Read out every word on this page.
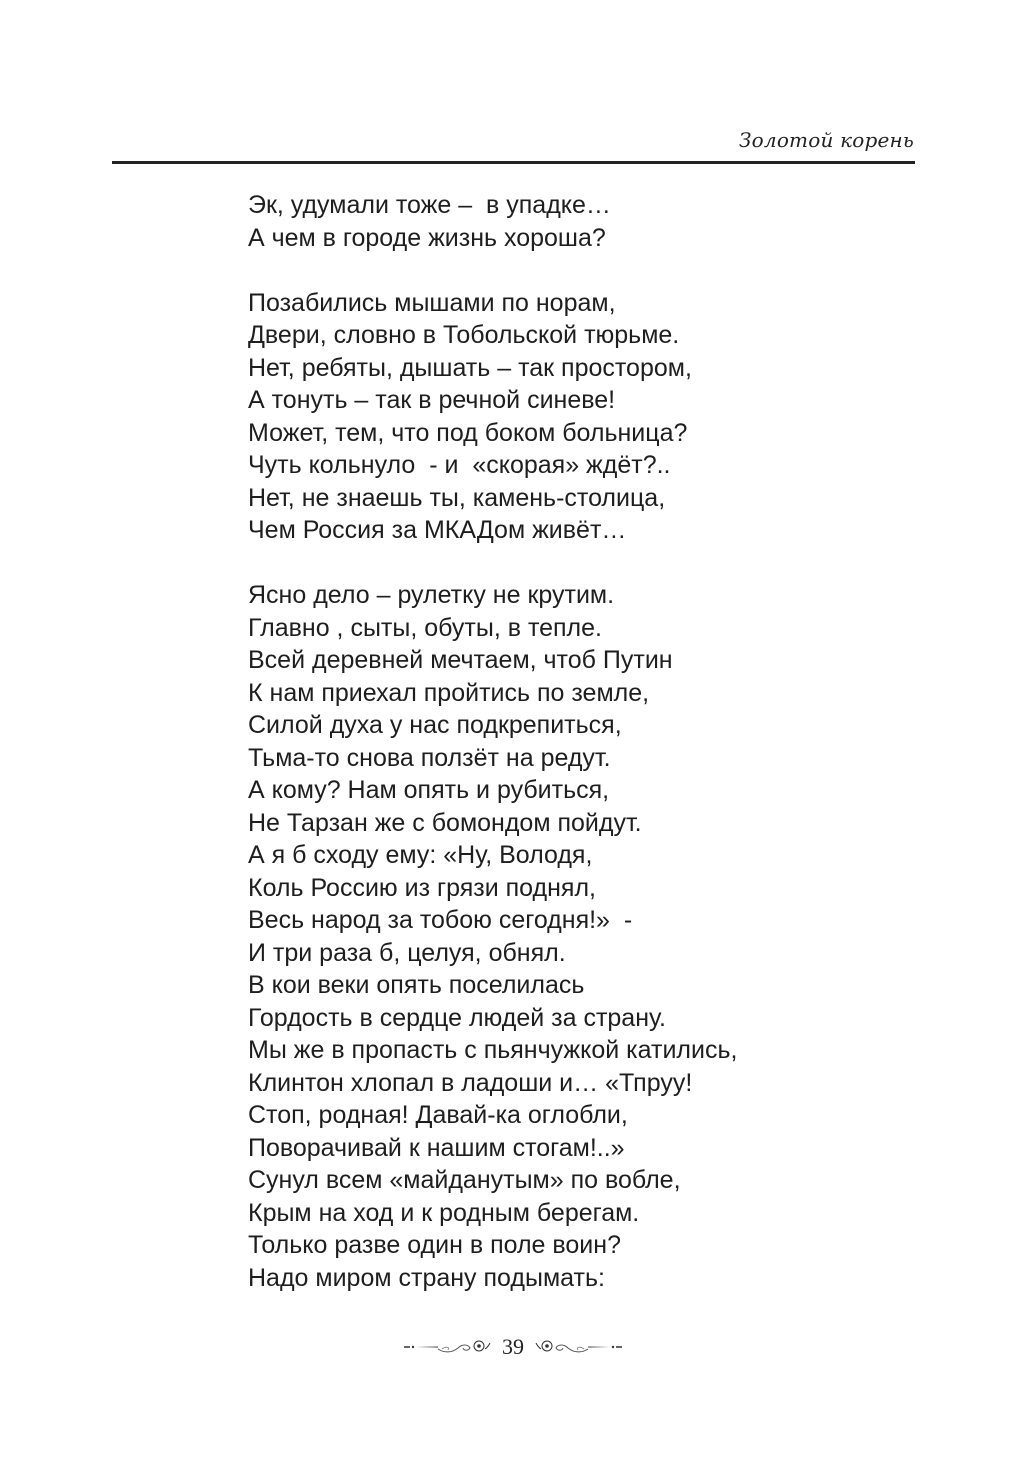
Золотой корень
Эк, удумали тоже –  в упадке…
А чем в городе жизнь хороша?
Позабились мышами по норам,
Двери, словно в Тобольской тюрьме.
Нет, ребяты, дышать – так простором,
А тонуть – так в речной синеве!
Может, тем, что под боком больница?
Чуть кольнуло  - и  «скорая» ждёт?..
Нет, не знаешь ты, камень-столица,
Чем Россия за МКАДом живёт…
Ясно дело – рулетку не крутим.
Главно , сыты, обуты, в тепле.
Всей деревней мечтаем, чтоб Путин
К нам приехал пройтись по земле,
Силой духа у нас подкрепиться,
Тьма-то снова ползёт на редут.
А кому? Нам опять и рубиться,
Не Тарзан же с бомондом пойдут.
А я б сходу ему: «Ну, Володя,
Коль Россию из грязи поднял,
Весь народ за тобою сегодня!»  -
И три раза б, целуя, обнял.
В кои веки опять поселилась
Гордость в сердце людей за страну.
Мы же в пропасть с пьянчужкой катились,
Клинтон хлопал в ладоши и… «Тпруу!
Стоп, родная! Давай-ка оглобли,
Поворачивай к нашим стогам!..»
Сунул всем «майданутым» по вобле,
Крым на ход и к родным берегам.
Только разве один в поле воин?
Надо миром страну подымать:
39
